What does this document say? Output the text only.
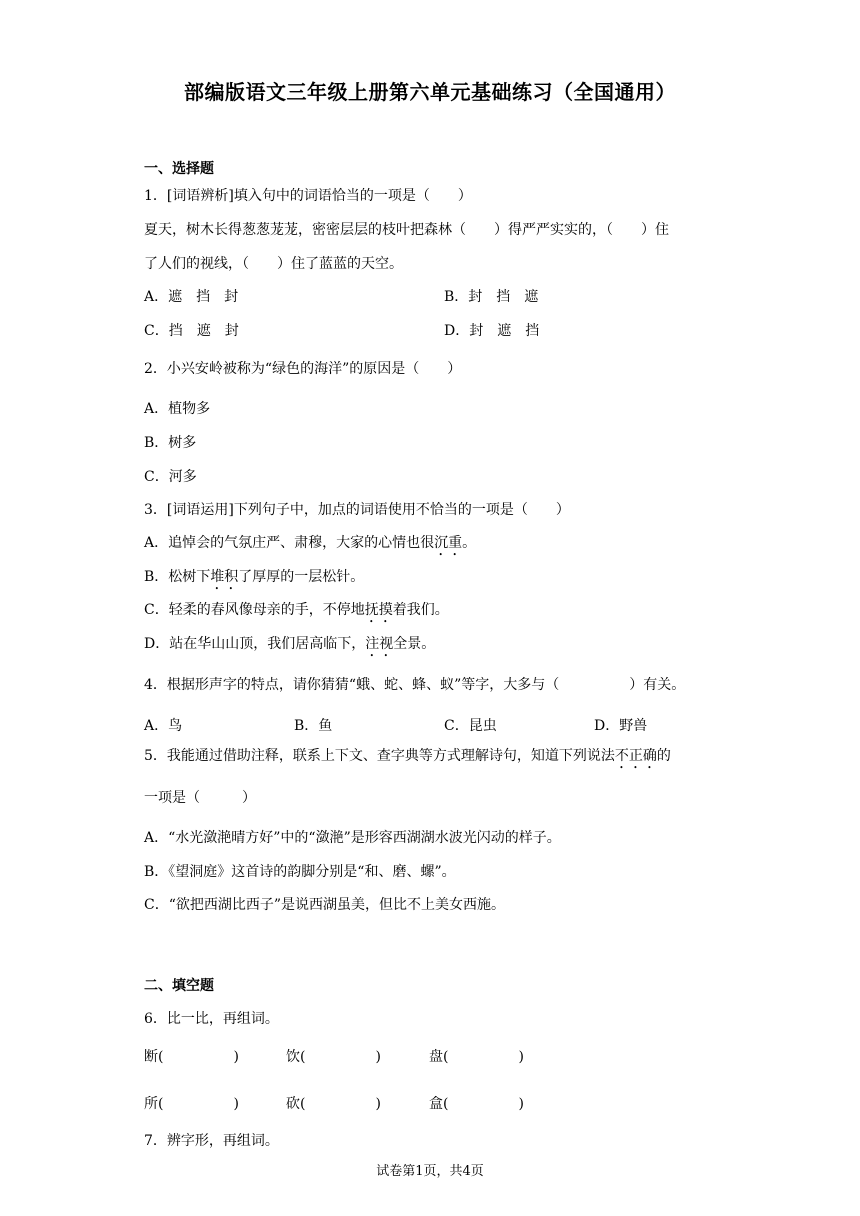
部编版语文三年级上册第六单元基础练习（全国通用）
一、选择题
1．[词语辨析]填入句中的词语恰当的一项是（　　）
夏天，树木长得葱葱茏茏，密密层层的枝叶把森林（　　）得严严实实的，（　　）住
了人们的视线，（　　）住了蓝蓝的天空。
A．遮　挡　封	B．封　挡　遮
C．挡　遮　封	D．封　遮　挡
2．小兴安岭被称为“绿色的海洋”的原因是（　　）
A．植物多
B．树多
C．河多
3．[词语运用]下列句子中，加点的词语使用不恰当的一项是（　　）
A．追悼会的气氛庄严、肃穆，大家的心情也很沉重。
B．松树下堆积了厚厚的一层松针。
C．轻柔的春风像母亲的手，不停地抚摸着我们。
D．站在华山山顶，我们居高临下，注视全景。
4．根据形声字的特点，请你猜猜“蛾、蛇、蜂、蚁”等字，大多与（　　　　　）有关。
A．鸟	B．鱼	C．昆虫	D．野兽
5．我能通过借助注释，联系上下文、查字典等方式理解诗句，知道下列说法不正确的
一项是（　　　）
A．“水光潋滟晴方好”中的“潋滟”是形容西湖湖水波光闪动的样子。
B．《望洞庭》这首诗的韵脚分别是“和、磨、螺”。
C．“欲把西湖比西子”是说西湖虽美，但比不上美女西施。
二、填空题
6．比一比，再组词。
断(　　　　　)	饮(　　　　　)	盘(　　　　　)
所(　　　　　)	砍(　　　　　)	盒(　　　　　)
7．辨字形，再组词。
试卷第1页，共4页
